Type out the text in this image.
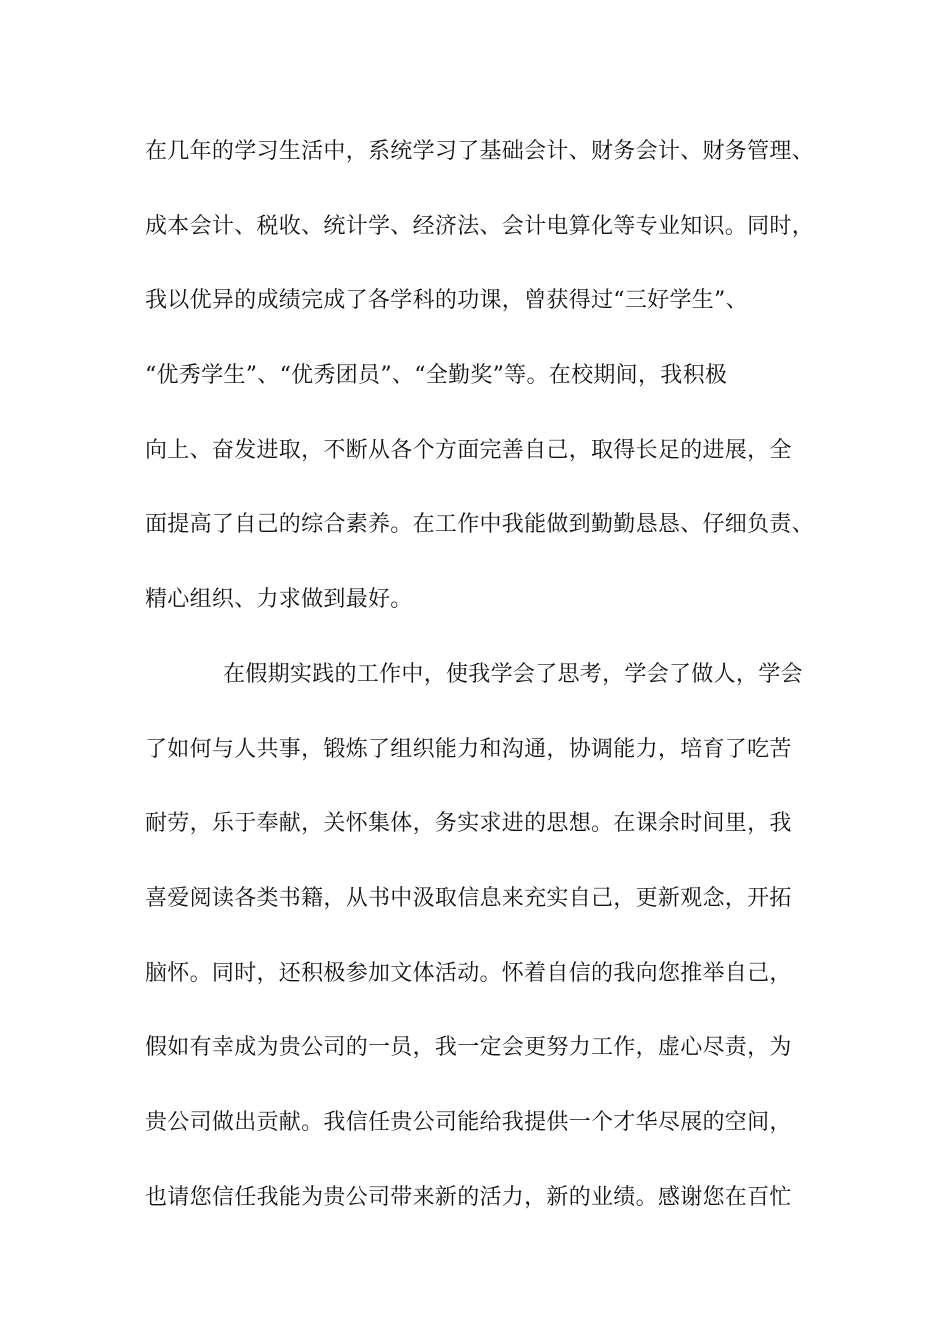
在几年的学习生活中，系统学习了基础会计、财务会计、财务管理、
成本会计、税收、统计学、经济法、会计电算化等专业知识。同时，
我以优异的成绩完成了各学科的功课，曾获得过“三好学生”、
“优秀学生”、“优秀团员”、“全勤奖”等。在校期间，我积极
向上、奋发进取，不断从各个方面完善自己，取得长足的进展，全
面提高了自己的综合素养。在工作中我能做到勤勤恳恳、仔细负责、
精心组织、力求做到最好。
在假期实践的工作中，使我学会了思考，学会了做人，学会
了如何与人共事，锻炼了组织能力和沟通，协调能力，培育了吃苦
耐劳，乐于奉献，关怀集体，务实求进的思想。在课余时间里，我
喜爱阅读各类书籍，从书中汲取信息来充实自己，更新观念，开拓
脑怀。同时，还积极参加文体活动。怀着自信的我向您推举自己，
假如有幸成为贵公司的一员，我一定会更努力工作，虚心尽责，为
贵公司做出贡献。我信任贵公司能给我提供一个才华尽展的空间，
也请您信任我能为贵公司带来新的活力，新的业绩。感谢您在百忙
